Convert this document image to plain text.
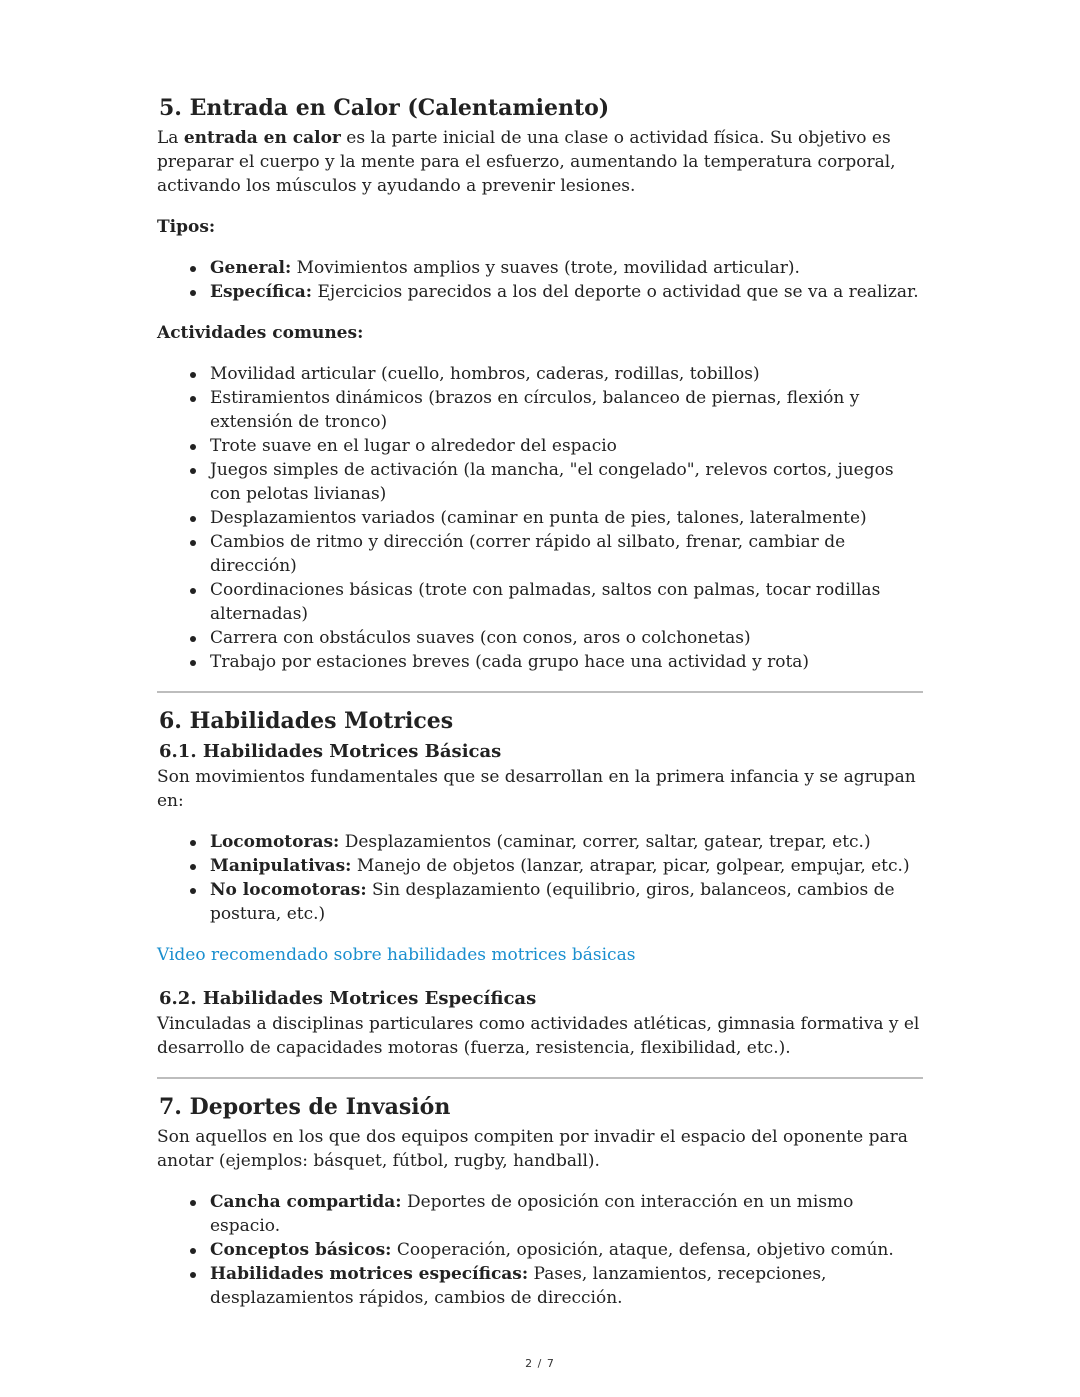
5. Entrada en Calor (Calentamiento)

La entrada en calor es la parte inicial de una clase o actividad física. Su objetivo es preparar el cuerpo y la mente para el esfuerzo, aumentando la temperatura corporal, activando los músculos y ayudando a prevenir lesiones.

Tipos:

General: Movimientos amplios y suaves (trote, movilidad articular).
Específica: Ejercicios parecidos a los del deporte o actividad que se va a realizar.

Actividades comunes:

Movilidad articular (cuello, hombros, caderas, rodillas, tobillos)
Estiramientos dinámicos (brazos en círculos, balanceo de piernas, flexión y extensión de tronco)
Trote suave en el lugar o alrededor del espacio
Juegos simples de activación (la mancha, "el congelado", relevos cortos, juegos con pelotas livianas)
Desplazamientos variados (caminar en punta de pies, talones, lateralmente)
Cambios de ritmo y dirección (correr rápido al silbato, frenar, cambiar de dirección)
Coordinaciones básicas (trote con palmadas, saltos con palmas, tocar rodillas alternadas)
Carrera con obstáculos suaves (con conos, aros o colchonetas)
Trabajo por estaciones breves (cada grupo hace una actividad y rota)
6. Habilidades Motrices
6.1. Habilidades Motrices Básicas

Son movimientos fundamentales que se desarrollan en la primera infancia y se agrupan en:

Locomotoras: Desplazamientos (caminar, correr, saltar, gatear, trepar, etc.)
Manipulativas: Manejo de objetos (lanzar, atrapar, picar, golpear, empujar, etc.)
No locomotoras: Sin desplazamiento (equilibrio, giros, balanceos, cambios de postura, etc.)

Video recomendado sobre habilidades motrices básicas

6.2. Habilidades Motrices Específicas

Vinculadas a disciplinas particulares como actividades atléticas, gimnasia formativa y el desarrollo de capacidades motoras (fuerza, resistencia, flexibilidad, etc.).

7. Deportes de Invasión

Son aquellos en los que dos equipos compiten por invadir el espacio del oponente para anotar (ejemplos: básquet, fútbol, rugby, handball).

Cancha compartida: Deportes de oposición con interacción en un mismo espacio.
Conceptos básicos: Cooperación, oposición, ataque, defensa, objetivo común.
Habilidades motrices específicas: Pases, lanzamientos, recepciones, desplazamientos rápidos, cambios de dirección.
2 / 7
